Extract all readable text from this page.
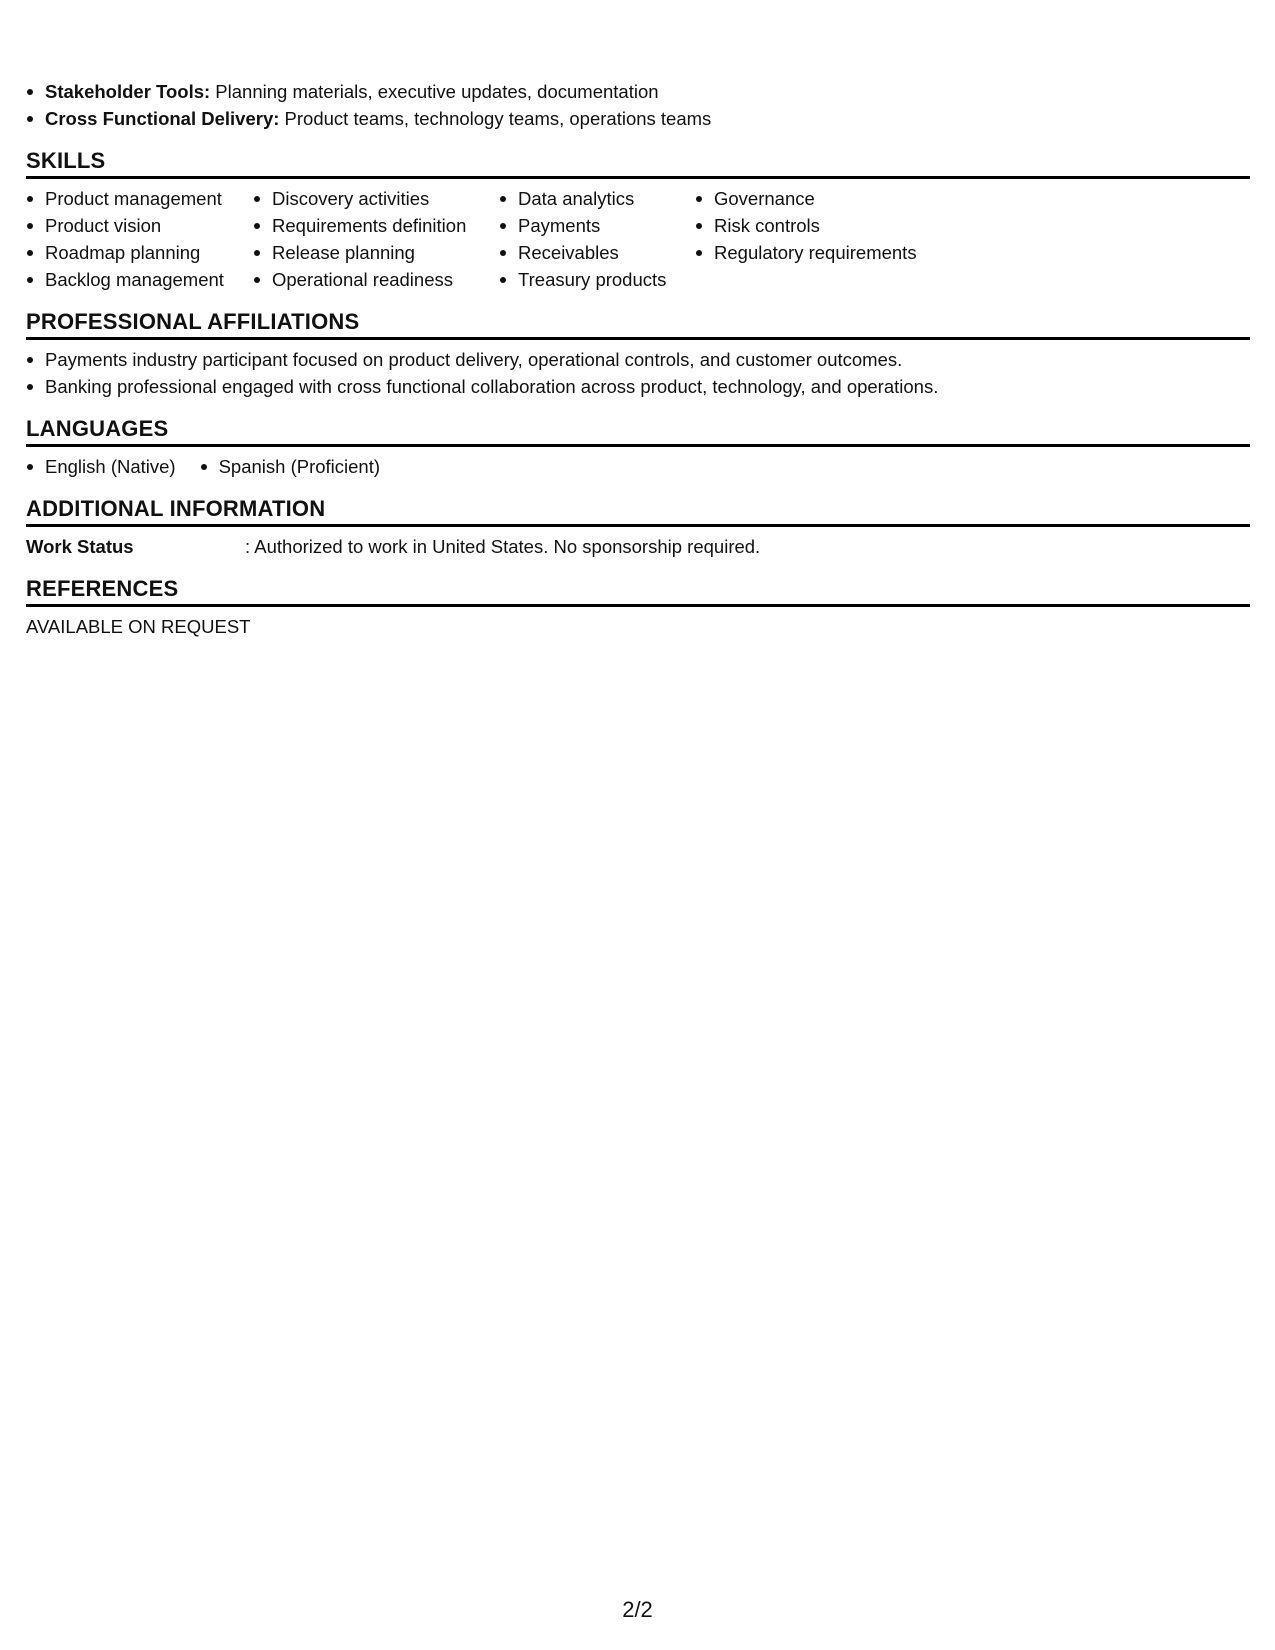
Stakeholder Tools: Planning materials, executive updates, documentation
Cross Functional Delivery: Product teams, technology teams, operations teams
SKILLS
Product management
Product vision
Roadmap planning
Backlog management
Discovery activities
Requirements definition
Release planning
Operational readiness
Data analytics
Payments
Receivables
Treasury products
Governance
Risk controls
Regulatory requirements
PROFESSIONAL AFFILIATIONS
Payments industry participant focused on product delivery, operational controls, and customer outcomes.
Banking professional engaged with cross functional collaboration across product, technology, and operations.
LANGUAGES
English (Native)	Spanish (Proficient)
ADDITIONAL INFORMATION
Work Status	: Authorized to work in United States. No sponsorship required.
REFERENCES
AVAILABLE ON REQUEST
2/2
